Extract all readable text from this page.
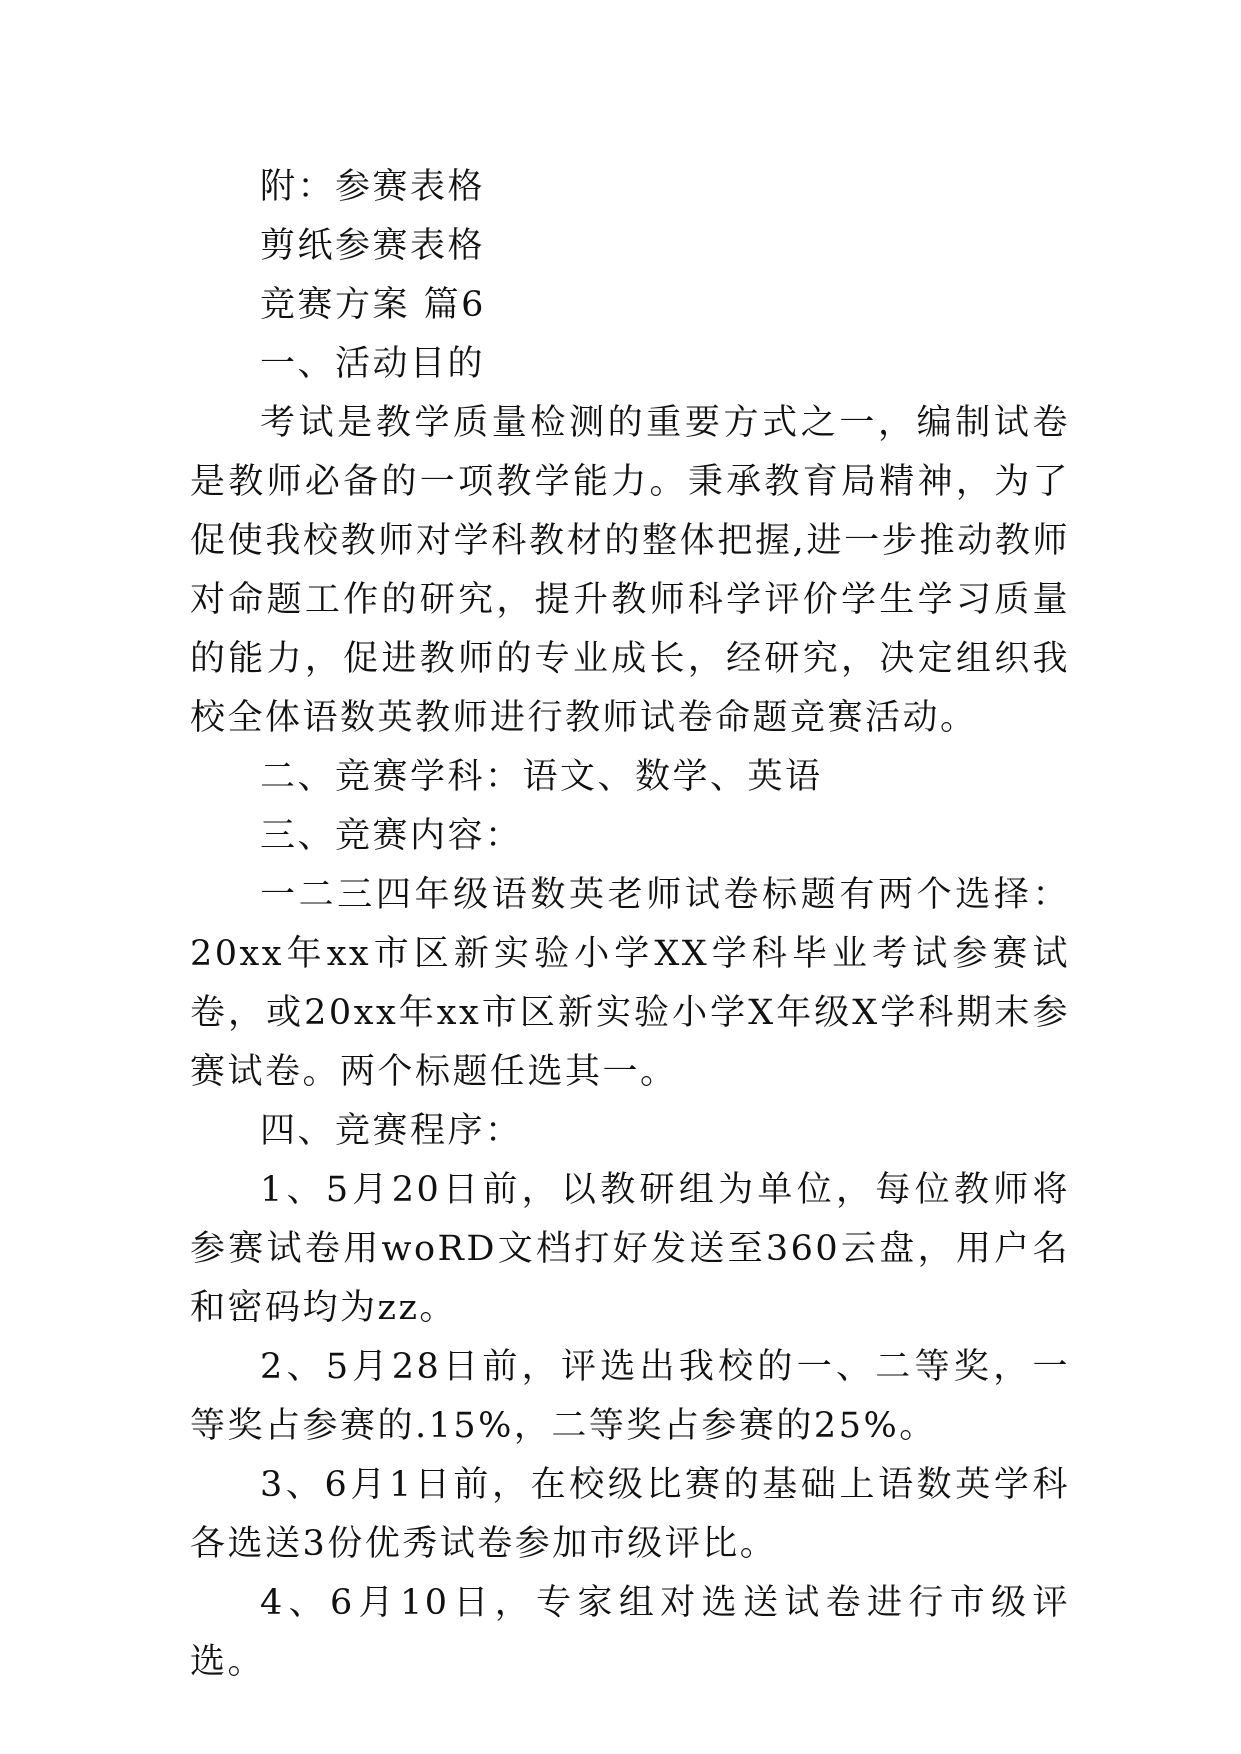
附：参赛表格

剪纸参赛表格

竞赛方案 篇6

一、活动目的

考试是教学质量检测的重要方式之一，编制试卷是教师必备的一项教学能力。秉承教育局精神，为了促使我校教师对学科教材的整体把握,进一步推动教师对命题工作的研究，提升教师科学评价学生学习质量的能力，促进教师的专业成长，经研究，决定组织我校全体语数英教师进行教师试卷命题竞赛活动。

二、竞赛学科：语文、数学、英语

三、竞赛内容：

一二三四年级语数英老师试卷标题有两个选择：20xx年xx市区新实验小学XX学科毕业考试参赛试卷，或20xx年xx市区新实验小学X年级X学科期末参赛试卷。两个标题任选其一。

四、竞赛程序：

1、5月20日前，以教研组为单位，每位教师将参赛试卷用woRD文档打好发送至360云盘，用户名和密码均为zz。

2、5月28日前，评选出我校的一、二等奖，一等奖占参赛的.15%，二等奖占参赛的25%。

3、6月1日前，在校级比赛的基础上语数英学科各选送3份优秀试卷参加市级评比。

4、6月10日，专家组对选送试卷进行市级评选。
